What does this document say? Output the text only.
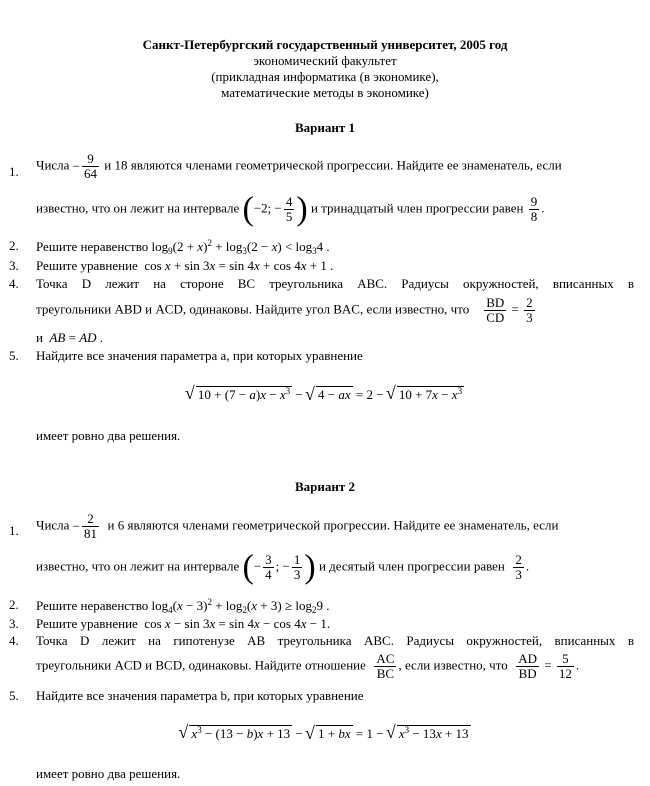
Санкт-Петербургский государственный университет, 2005 год
экономический факультет
(прикладная информатика (в экономике),
математические методы в экономике)
Вариант 1
1. Числа − $\frac{9}{64}$ и 18 являются членами геометрической прогрессии. Найдите ее знаменатель, если
известно, что он лежит на интервале (−2; − $\frac{4}{5}$ ) и тринадцатый член прогрессии равен $\frac{9}{8}$ .
2. Решите неравенство $\log_9(2 + x)^2 + \log_3(2 - x) < \log_34$ .
3. Решите уравнение  cos x + sin 3x = sin 4x + cos 4x + 1 .
4. Точка D лежит на стороне BC треугольника ABC. Радиусы окружностей, вписанных в
треугольники ABD и ACD, одинаковы. Найдите угол BAC, если известно, что $\frac{BD}{CD} = \frac{2}{3}$
и AB = AD .
5. Найдите все значения параметра a, при которых уравнение
√ $10 + (7 - a)x - x^3$ − √ 4 − ax = 2 − √ $10 + 7x - x^3$
имеет ровно два решения.
Вариант 2
1. Числа − $\frac{2}{81}$ и 6 являются членами геометрической прогрессии. Найдите ее знаменатель, если
известно, что он лежит на интервале (− $\frac{3}{4}$ ; − $\frac{1}{3}$ ) и десятый член прогрессии равен $\frac{2}{3}$ .
2. Решите неравенство $\log_4(x - 3)^2 + \log_2(x + 3) \ge \log_29$ .
3. Решите уравнение  cos x − sin 3x = sin 4x − cos 4x − 1.
4. Точка D лежит на гипотенузе AB треугольника ABC. Радиусы окружностей, вписанных в
треугольники ACD и BCD, одинаковы. Найдите отношение $\frac{AC}{BC}$ , если известно, что $\frac{AD}{BD} = \frac{5}{12}$ .
5. Найдите все значения параметра b, при которых уравнение
√ $x^3 - (13 - b)x + 13$ − √ 1 + bx = 1 − √ $x^3 - 13x + 13$
имеет ровно два решения.
